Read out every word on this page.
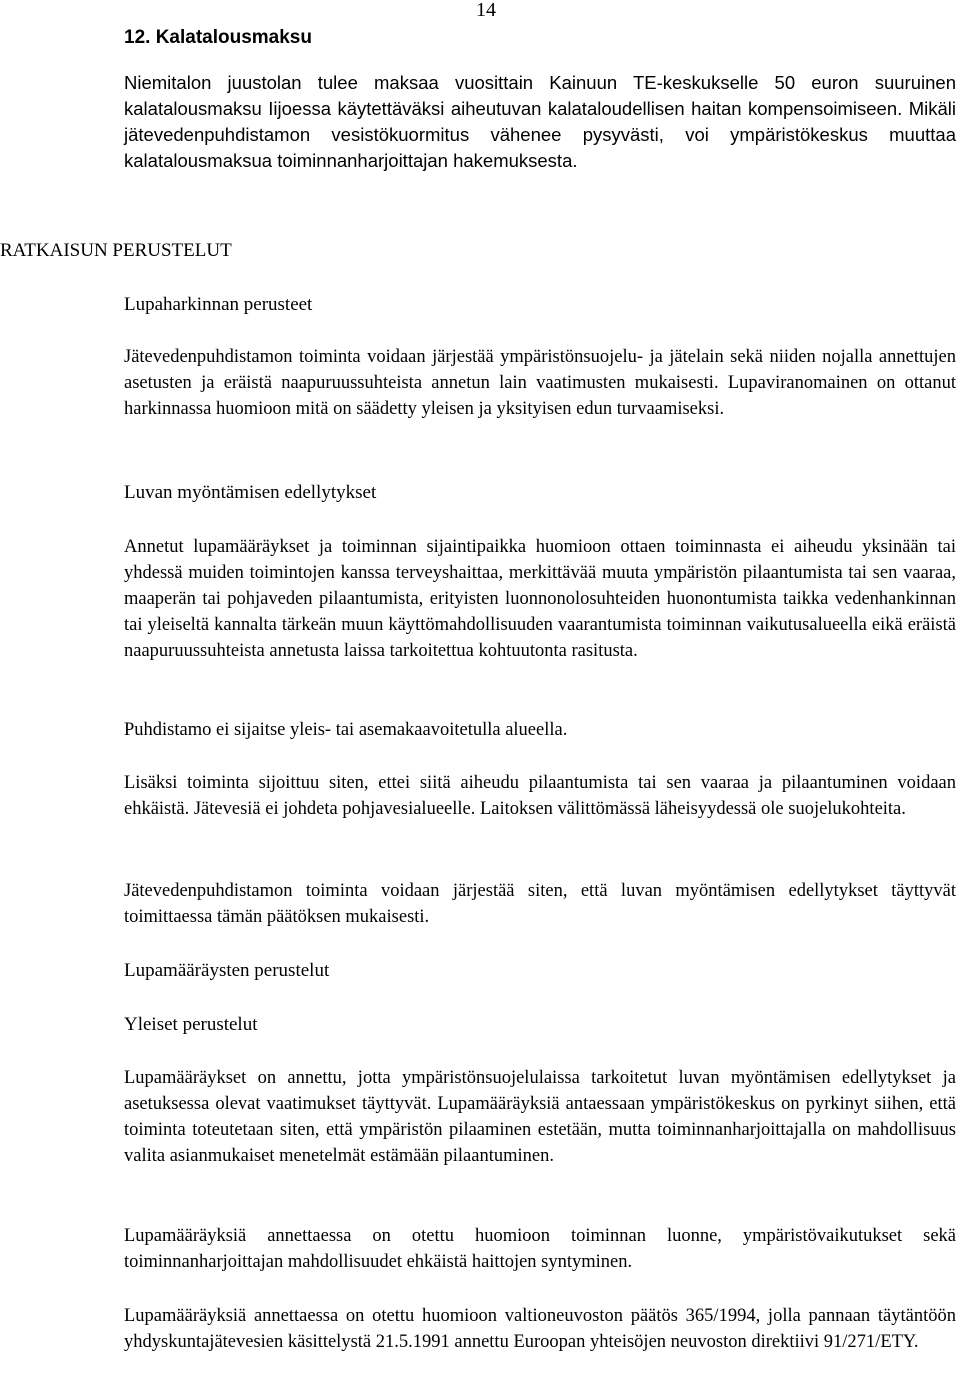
14
12. Kalatalousmaksu

Niemitalon juustolan tulee maksaa vuosittain Kainuun TE-keskukselle 50 euron suuruinen kalatalousmaksu Iijoessa käytettäväksi aiheutuvan kalataloudellisen haitan kompensoimiseen. Mikäli jätevedenpuhdistamon vesistökuormitus vähenee pysyvästi, voi ympäristökeskus muuttaa kalatalousmaksua toiminnanharjoittajan hakemuksesta.

RATKAISUN PERUSTELUT
Lupaharkinnan perusteet

Jätevedenpuhdistamon toiminta voidaan järjestää ympäristönsuojelu- ja jätelain sekä niiden nojalla annettujen asetusten ja eräistä naapuruussuhteista annetun lain vaatimusten mukaisesti. Lupaviranomainen on ottanut harkinnassa huomioon mitä on säädetty yleisen ja yksityisen edun turvaamiseksi.

Luvan myöntämisen edellytykset

Annetut lupamääräykset ja toiminnan sijaintipaikka huomioon ottaen toiminnasta ei aiheudu yksinään tai yhdessä muiden toimintojen kanssa terveyshaittaa, merkittävää muuta ympäristön pilaantumista tai sen vaaraa, maaperän tai pohjaveden pilaantumista, erityisten luonnonolosuhteiden huonontumista taikka vedenhankinnan tai yleiseltä kannalta tärkeän muun käyttömahdollisuuden vaarantumista toiminnan vaikutusalueella eikä eräistä naapuruussuhteista annetusta laissa tarkoitettua kohtuutonta rasitusta.

Puhdistamo ei sijaitse yleis- tai asemakaavoitetulla alueella.

Lisäksi toiminta sijoittuu siten, ettei siitä aiheudu pilaantumista tai sen vaaraa ja pilaantuminen voidaan ehkäistä. Jätevesiä ei johdeta pohjavesialueelle. Laitoksen välittömässä läheisyydessä ole suojelukohteita.

Jätevedenpuhdistamon toiminta voidaan järjestää siten, että luvan myöntämisen edellytykset täyttyvät toimittaessa tämän päätöksen mukaisesti.

Lupamääräysten perustelut
Yleiset perustelut

Lupamääräykset on annettu, jotta ympäristönsuojelulaissa tarkoitetut luvan myöntämisen edellytykset ja asetuksessa olevat vaatimukset täyttyvät. Lupamääräyksiä antaessaan ympäristökeskus on pyrkinyt siihen, että toiminta toteutetaan siten, että ympäristön pilaaminen estetään, mutta toiminnanharjoittajalla on mahdollisuus valita asianmukaiset menetelmät estämään pilaantuminen.

Lupamääräyksiä annettaessa on otettu huomioon toiminnan luonne, ympäristövaikutukset sekä toiminnanharjoittajan mahdollisuudet ehkäistä haittojen syntyminen.

Lupamääräyksiä annettaessa on otettu huomioon valtioneuvoston päätös 365/1994, jolla pannaan täytäntöön yhdyskuntajätevesien käsittelystä 21.5.1991 annettu Euroopan yhteisöjen neuvoston direktiivi 91/271/ETY.
